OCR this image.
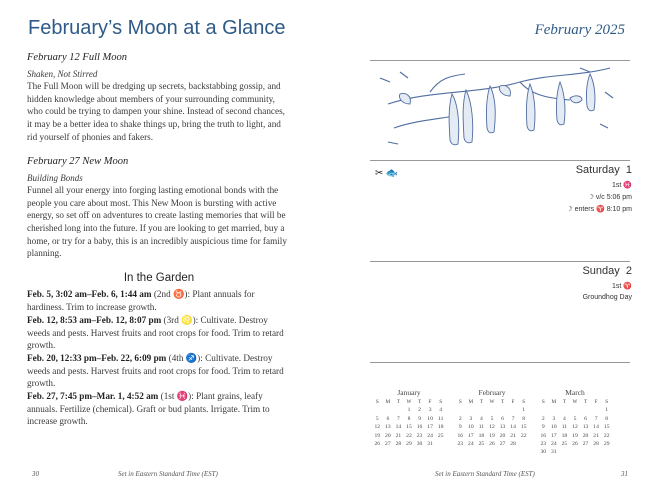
February’s Moon at a Glance

February 12 Full Moon

Shaken, Not Stirred

The Full Moon will be dredging up secrets, backstabbing gossip, and hidden knowledge about members of your surrounding community, who could be trying to dampen your shine. Instead of second chances, it may be a better idea to shake things up, bring the truth to light, and rid yourself of phonies and fakers.

February 27 New Moon

Building Bonds

Funnel all your energy into forging lasting emotional bonds with the people you care about most. This New Moon is bursting with active energy, so set off on adventures to create lasting memories that will be cherished long into the future. If you are looking to get married, buy a home, or try for a baby, this is an incredibly auspicious time for family planning.

In the Garden
Feb. 5, 3:02 am–Feb. 6, 1:44 am (2nd ♉): Plant annuals for hardiness. Trim to increase growth.
Feb. 12, 8:53 am–Feb. 12, 8:07 pm (3rd ♌): Cultivate. Destroy weeds and pests. Harvest fruits and root crops for food. Trim to retard growth.
Feb. 20, 12:33 pm–Feb. 22, 6:09 pm (4th ♐): Cultivate. Destroy weeds and pests. Harvest fruits and root crops for food. Trim to retard growth.
Feb. 27, 7:45 pm–Mar. 1, 4:52 am (1st ♓): Plant grains, leafy annuals. Fertilize (chemical). Graft or bud plants. Irrigate. Trim to increase growth.
30	Set in Eastern Standard Time (EST)
February 2025
✂ 🐟	Saturday 1
1st ♓
☽ v/c 5:06 pm
☽ enters ♈ 8:10 pm
Sunday 2
1st ♈
Groundhog Day
January
S	M	T	W	T	F	S
			1	2	3	4
5	6	7	8	9	10	11
12	13	14	15	16	17	18
19	20	21	22	23	24	25
26	27	28	29	30	31	
February
S	M	T	W	T	F	S
						1
2	3	4	5	6	7	8
9	10	11	12	13	14	15
16	17	18	19	20	21	22
23	24	25	26	27	28	
March
S	M	T	W	T	F	S
						1
2	3	4	5	6	7	8
9	10	11	12	13	14	15
16	17	18	19	20	21	22
23	24	25	26	27	28	29
30	31					
Set in Eastern Standard Time (EST)	31
